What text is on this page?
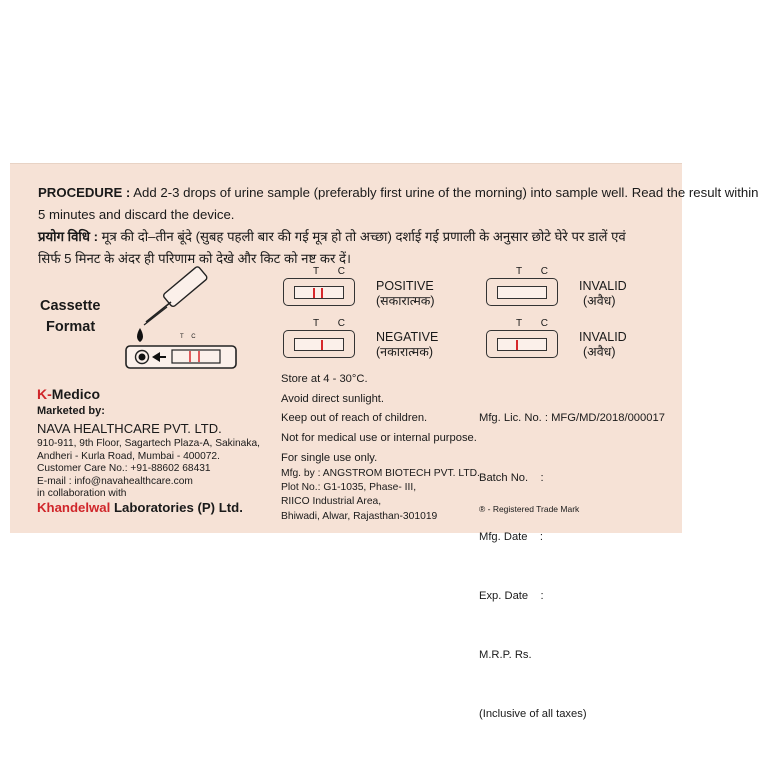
PROCEDURE : Add 2-3 drops of urine sample (preferably first urine of the morning) into sample well. Read the result within
5 minutes and discard the device.
प्रयोग विधि : मूत्र की दो–तीन बूंदे (सुबह पहली बार की गई मूत्र हो तो अच्छा) दर्शाई गई प्रणाली के अनुसार छोटे घेरे पर डालें एवं
सिर्फ 5 मिनट के अंदर ही परिणाम को देखे और किट को नष्ट कर दें।
Cassette
Format
T C
T C
POSITIVE
(सकारात्मक)
T C
NEGATIVE
(नकारात्मक)
T C
INVALID
(अवैध)
T C
INVALID
(अवैध)
K-Medico
Marketed by:
NAVA HEALTHCARE PVT. LTD.
910-911, 9th Floor, Sagartech Plaza-A, Sakinaka,
Andheri - Kurla Road, Mumbai - 400072.
Customer Care No.: +91-88602 68431
E-mail : info@navahealthcare.com
in collaboration with
Khandelwal Laboratories (P) Ltd.
Store at 4 - 30°C.
Avoid direct sunlight.
Keep out of reach of children.
Not for medical use or internal purpose.
For single use only.
Mfg. by : ANGSTROM BIOTECH PVT. LTD.
Plot No.: G1-1035, Phase- III,
RIICO Industrial Area,
Bhiwadi, Alwar, Rajasthan-301019

Mfg. Lic. No. : MFG/MD/2018/000017

Batch No.    :

Mfg. Date    :

Exp. Date    :

M.R.P. Rs.

(Inclusive of all taxes)

® - Registered Trade Mark
